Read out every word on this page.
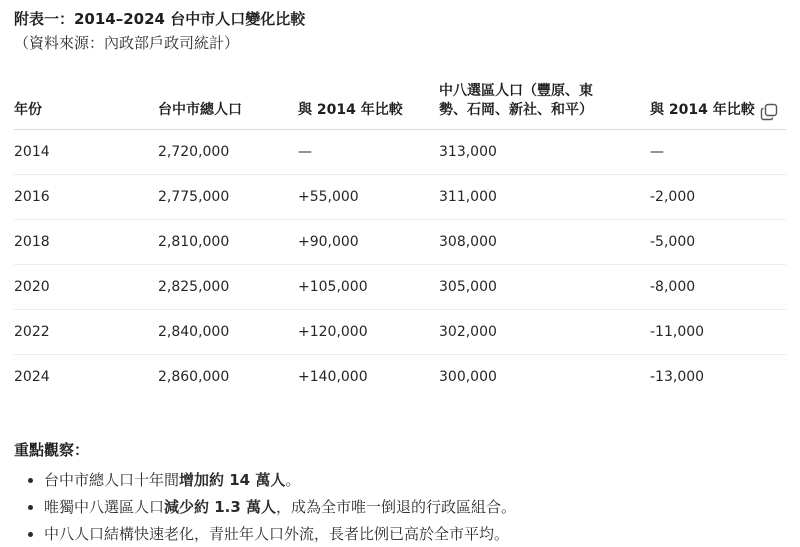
附表一：2014–2024 台中市人口變化比較

（資料來源：內政部戶政司統計）

年份	台中市總人口	與 2014 年比較	中八選區人口（豐原、東勢、石岡、新社、和平）	與 2014 年比較

2014	2,720,000	—	313,000	—
2016	2,775,000	+55,000	311,000	-2,000
2018	2,810,000	+90,000	308,000	-5,000
2020	2,825,000	+105,000	305,000	-8,000
2022	2,840,000	+120,000	302,000	-11,000
2024	2,860,000	+140,000	300,000	-13,000

重點觀察：

• 台中市總人口十年間增加約 14 萬人。
• 唯獨中八選區人口減少約 1.3 萬人，成為全市唯一倒退的行政區組合。
• 中八人口結構快速老化，青壯年人口外流，長者比例已高於全市平均。
